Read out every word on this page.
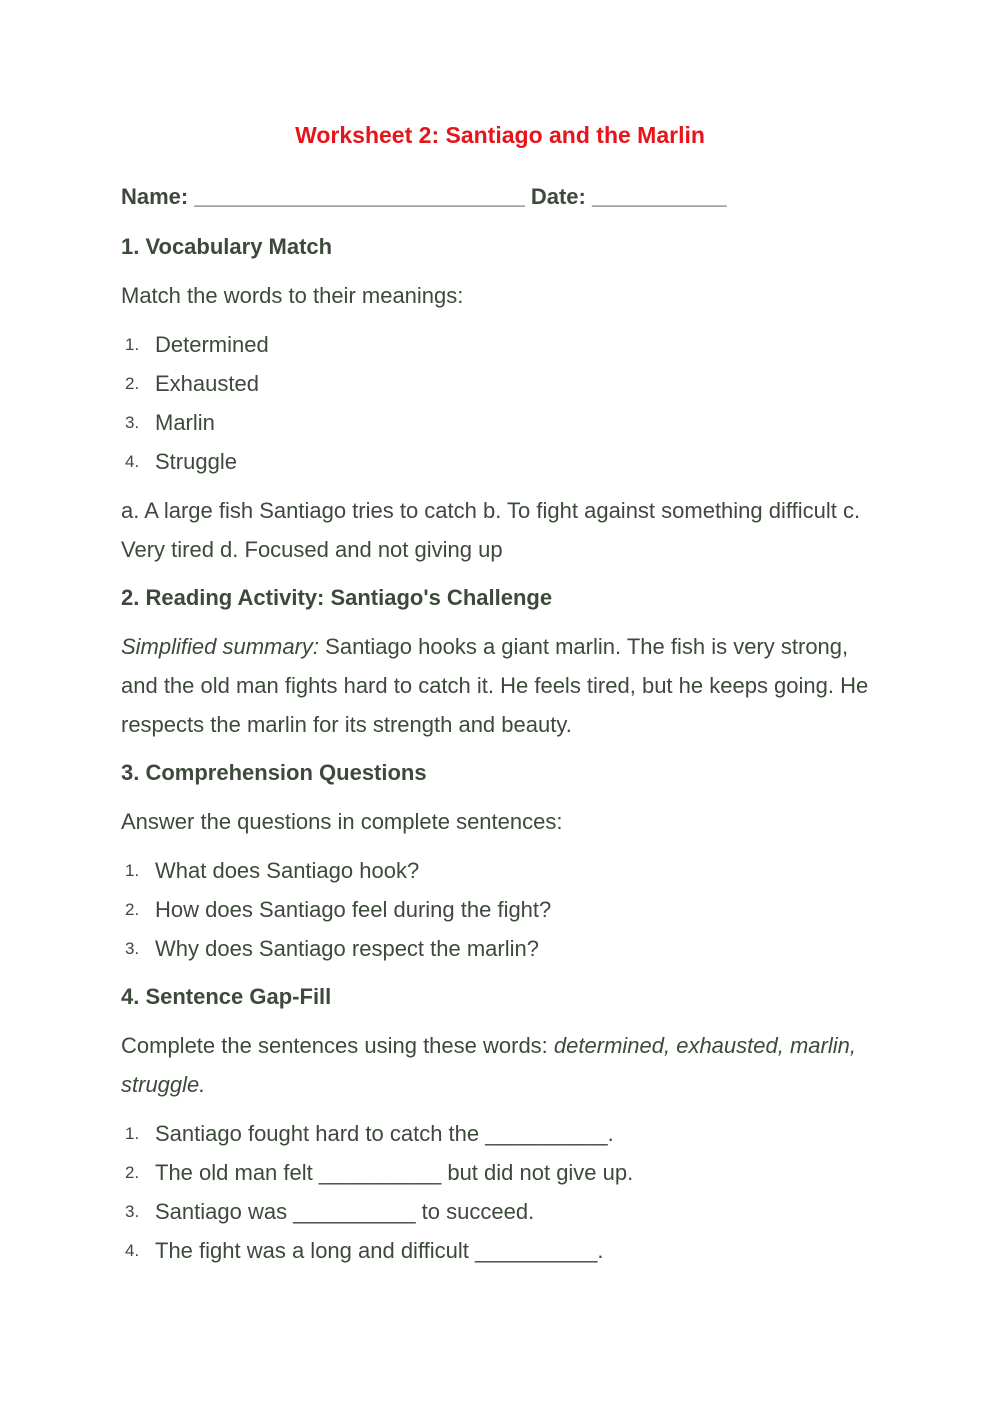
Worksheet 2: Santiago and the Marlin
Name: ___________________________ Date: ___________
1. Vocabulary Match

Match the words to their meanings:

1. Determined
2. Exhausted
3. Marlin
4. Struggle

a. A large fish Santiago tries to catch b. To fight against something difficult c. Very tired d. Focused and not giving up

2. Reading Activity: Santiago's Challenge

Simplified summary: Santiago hooks a giant marlin. The fish is very strong, and the old man fights hard to catch it. He feels tired, but he keeps going. He respects the marlin for its strength and beauty.

3. Comprehension Questions

Answer the questions in complete sentences:

1. What does Santiago hook?
2. How does Santiago feel during the fight?
3. Why does Santiago respect the marlin?
4. Sentence Gap-Fill

Complete the sentences using these words: determined, exhausted, marlin, struggle.

1. Santiago fought hard to catch the __________.
2. The old man felt __________ but did not give up.
3. Santiago was __________ to succeed.
4. The fight was a long and difficult __________.
